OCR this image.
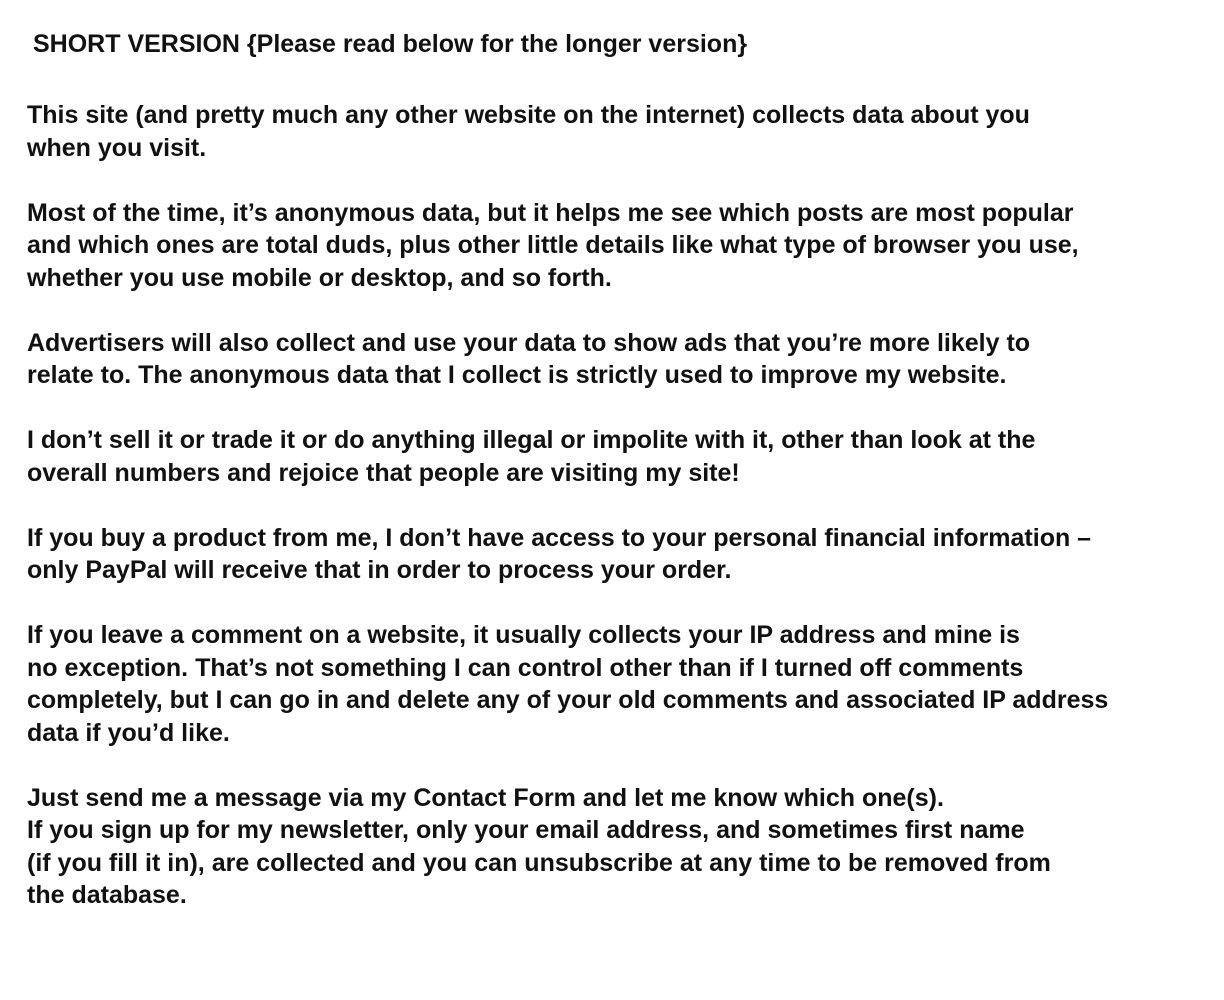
SHORT VERSION {Please read below for the longer version}
This site (and pretty much any other website on the internet) collects data about you
when you visit.
Most of the time, it’s anonymous data, but it helps me see which posts are most popular
and which ones are total duds, plus other little details like what type of browser you use,
whether you use mobile or desktop, and so forth.
Advertisers will also collect and use your data to show ads that you’re more likely to
relate to. The anonymous data that I collect is strictly used to improve my website.
I don’t sell it or trade it or do anything illegal or impolite with it, other than look at the
overall numbers and rejoice that people are visiting my site!
If you buy a product from me, I don’t have access to your personal financial information –
only PayPal will receive that in order to process your order.
If you leave a comment on a website, it usually collects your IP address and mine is
no exception. That’s not something I can control other than if I turned off comments
completely, but I can go in and delete any of your old comments and associated IP address
data if you’d like.
Just send me a message via my Contact Form and let me know which one(s).
If you sign up for my newsletter, only your email address, and sometimes first name
(if you fill it in), are collected and you can unsubscribe at any time to be removed from
the database.
